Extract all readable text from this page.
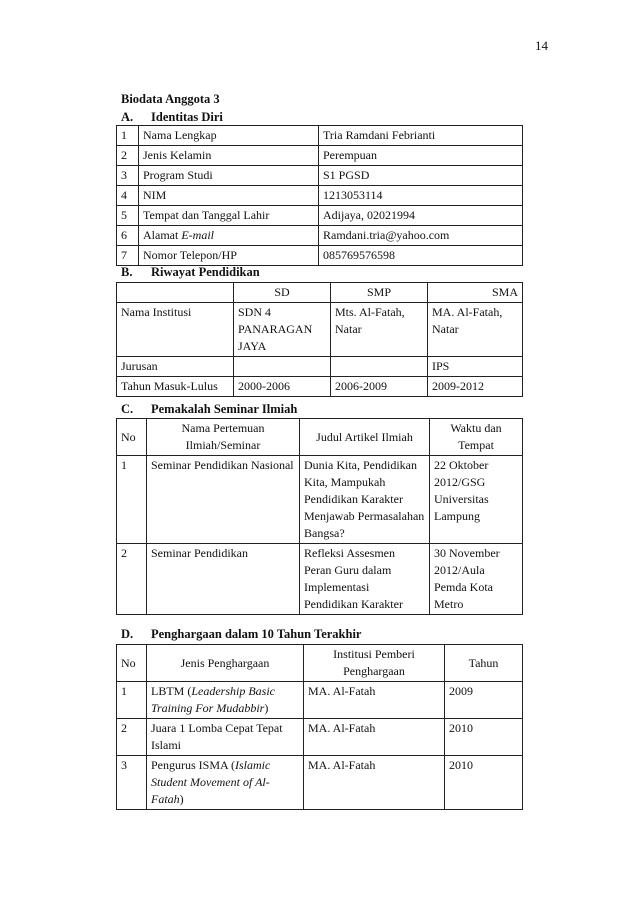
14
Biodata Anggota 3
A. Identitas Diri
1	Nama Lengkap	Tria Ramdani Febrianti
2	Jenis Kelamin	Perempuan
3	Program Studi	S1 PGSD
4	NIM	1213053114
5	Tempat dan Tanggal Lahir	Adijaya, 02021994
6	Alamat E-mail	Ramdani.tria@yahoo.com
7	Nomor Telepon/HP	085769576598
B. Riwayat Pendidikan
	SD	SMP	SMA
Nama Institusi	SDN 4 PANARAGAN JAYA	Mts. Al-Fatah, Natar	MA. Al-Fatah, Natar
Jurusan			IPS
Tahun Masuk-Lulus	2000-2006	2006-2009	2009-2012
C. Pemakalah Seminar Ilmiah
No	Nama Pertemuan Ilmiah/Seminar	Judul Artikel Ilmiah	Waktu dan Tempat
1	Seminar Pendidikan Nasional	Dunia Kita, Pendidikan Kita, Mampukah Pendidikan Karakter Menjawab Permasalahan Bangsa?	22 Oktober 2012/GSG Universitas Lampung
2	Seminar Pendidikan	Refleksi Assesmen Peran Guru dalam Implementasi Pendidikan Karakter	30 November 2012/Aula Pemda Kota Metro
D. Penghargaan dalam 10 Tahun Terakhir
No	Jenis Penghargaan	Institusi Pemberi Penghargaan	Tahun
1	LBTM (Leadership Basic Training For Mudabbir)	MA. Al-Fatah	2009
2	Juara 1 Lomba Cepat Tepat Islami	MA. Al-Fatah	2010
3	Pengurus ISMA (Islamic Student Movement of Al-Fatah)	MA. Al-Fatah	2010
